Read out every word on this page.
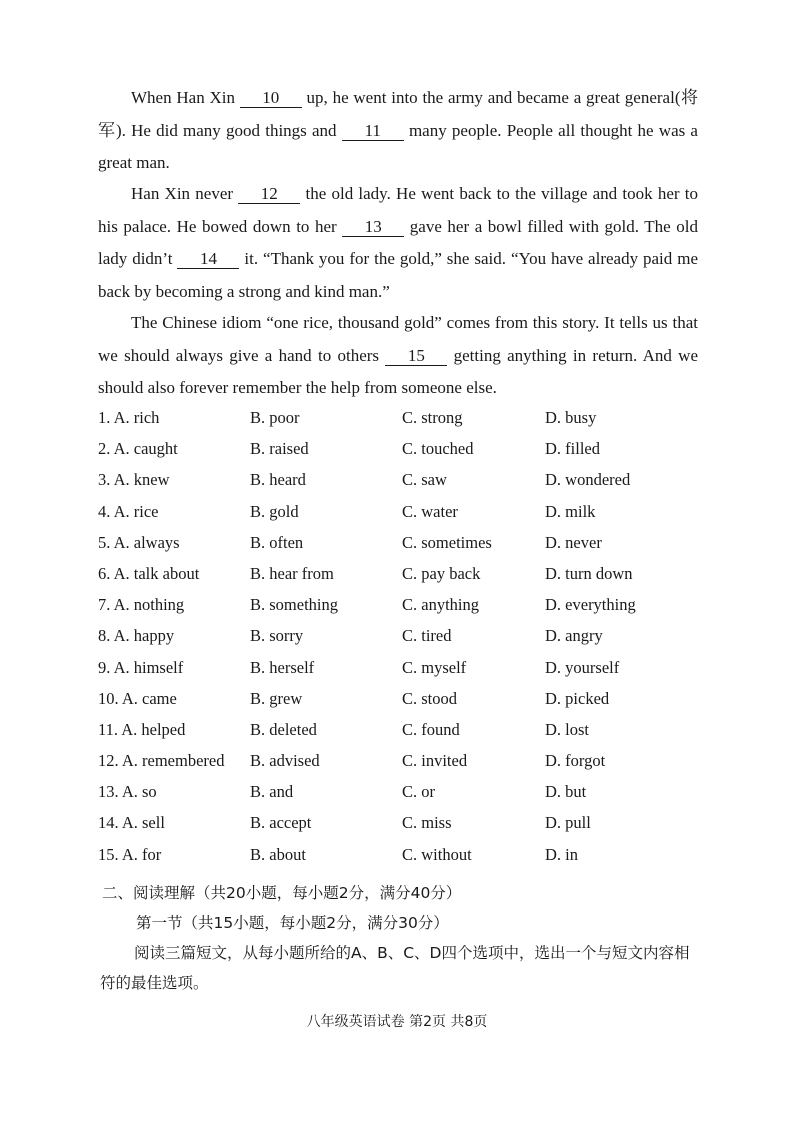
When Han Xin 10 up, he went into the army and became a great general(将军). He did many good things and 11 many people. People all thought he was a great man.

Han Xin never 12 the old lady. He went back to the village and took her to his palace. He bowed down to her 13 gave her a bowl filled with gold. The old lady didn’t 14 it. “Thank you for the gold,” she said. “You have already paid me back by becoming a strong and kind man.”

The Chinese idiom “one rice, thousand gold” comes from this story. It tells us that we should always give a hand to others 15 getting anything in return. And we should also forever remember the help from someone else.

1. A. rich	B. poor	C. strong	D. busy
2. A. caught	B. raised	C. touched	D. filled
3. A. knew	B. heard	C. saw	D. wondered
4. A. rice	B. gold	C. water	D. milk
5. A. always	B. often	C. sometimes	D. never
6. A. talk about	B. hear from	C. pay back	D. turn down
7. A. nothing	B. something	C. anything	D. everything
8. A. happy	B. sorry	C. tired	D. angry
9. A. himself	B. herself	C. myself	D. yourself
10. A. came	B. grew	C. stood	D. picked
11. A. helped	B. deleted	C. found	D. lost
12. A. remembered B. advised	C. invited	D. forgot
13. A. so	B. and	C. or	D. but
14. A. sell	B. accept	C. miss	D. pull
15. A. for	B. about	C. without	D. in
二、阅读理解（共20小题，每小题2分，满分40分）
第一节（共15小题，每小题2分，满分30分）

阅读三篇短文，从每小题所给的A、B、C、D四个选项中，选出一个与短文内容相符的最佳选项。

八年级英语试卷 第2页 共8页
